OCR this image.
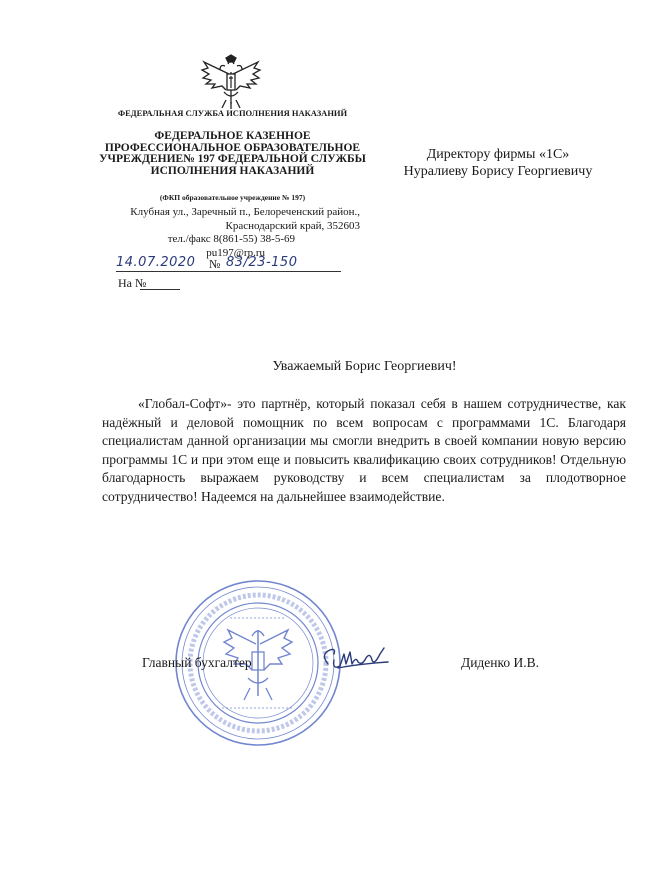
ФЕДЕРАЛЬНАЯ СЛУЖБА ИСПОЛНЕНИЯ НАКАЗАНИЙ
ФЕДЕРАЛЬНОЕ КАЗЕННОЕ ПРОФЕССИОНАЛЬНОЕ ОБРАЗОВАТЕЛЬНОЕ УЧРЕЖДЕНИЕ№ 197 ФЕДЕРАЛЬНОЙ СЛУЖБЫ ИСПОЛНЕНИЯ НАКАЗАНИЙ
(ФКП образовательное учреждение № 197)
Клубная ул., Заречный п., Белореченский район., Краснодарский край, 352603
тел./факс 8(861-55) 38-5-69
pu197@rp.ru
14.07.2020 № 83/23-150
На №
Директору фирмы «1С»
Нуралиеву Борису Георгиевичу
Уважаемый Борис Георгиевич!
«Глобал-Софт»- это партнёр, который показал себя в нашем сотрудничестве, как надёжный и деловой помощник по всем вопросам с программами 1С. Благодаря специалистам данной организации мы смогли внедрить в своей компании новую версию программы 1С и при этом еще и повысить квалификацию своих сотрудников! Отдельную благодарность выражаем руководству и всем специалистам за плодотворное сотрудничество! Надеемся на дальнейшее взаимодействие.
Главный бухгалтер	Диденко И.В.
